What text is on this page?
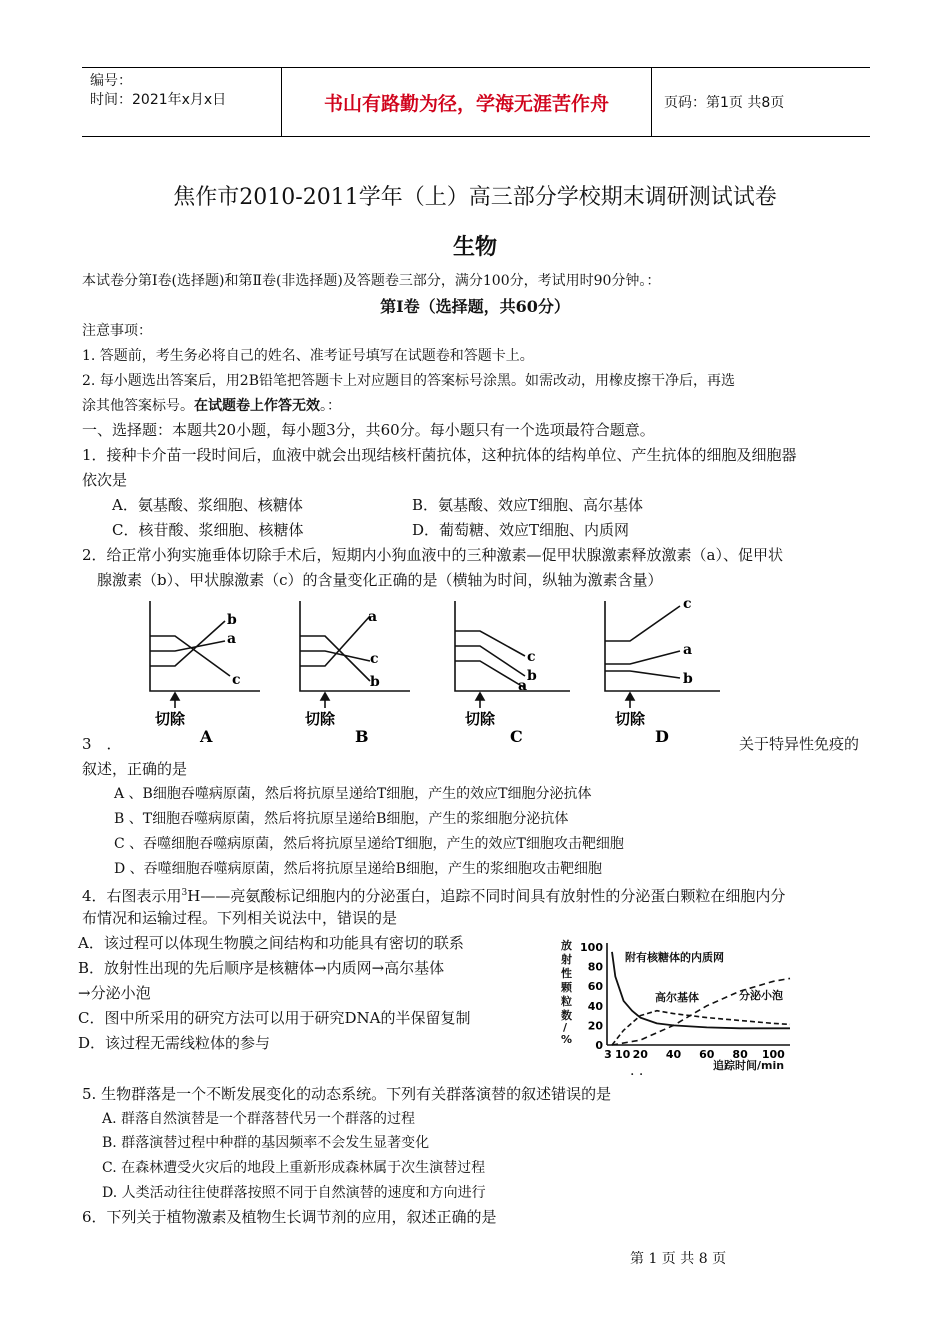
编号：
时间：2021年x月x日	书山有路勤为径，学海无涯苦作舟	页码：第1页 共8页
焦作市2010-2011学年（上）高三部分学校期末调研测试试卷
生物
本试卷分第Ⅰ卷(选择题)和第Ⅱ卷(非选择题)及答题卷三部分，满分100分，考试用时90分钟。：
第Ⅰ卷（选择题，共60分）
注意事项：
1. 答题前，考生务必将自己的姓名、准考证号填写在试题卷和答题卡上。
2. 每小题选出答案后，用2B铅笔把答题卡上对应题目的答案标号涂黑。如需改动，用橡皮擦干净后，再选
涂其他答案标号。在试题卷上作答无效。：
一、选择题：本题共20小题，每小题3分，共60分。每小题只有一个选项最符合题意。
1．接种卡介苗一段时间后，血液中就会出现结核杆菌抗体，这种抗体的结构单位、产生抗体的细胞及细胞器
依次是
A．氨基酸、浆细胞、核糖体	B．氨基酸、效应T细胞、高尔基体
C．核苷酸、浆细胞、核糖体	D．葡萄糖、效应T细胞、内质网
2．给正常小狗实施垂体切除手术后，短期内小狗血液中的三种激素—促甲状腺激素释放激素（a）、促甲状
腺激素（b）、甲状腺激素（c）的含量变化正确的是（横轴为时间，纵轴为激素含量）
b
a
c
切除
A
a
c
b
切除
B
c
b
a
切除
C
c
a
b
切除
D
3　．	关于特异性免疫的
叙述，正确的是
A 、B细胞吞噬病原菌，然后将抗原呈递给T细胞，产生的效应T细胞分泌抗体
B 、T细胞吞噬病原菌，然后将抗原呈递给B细胞，产生的浆细胞分泌抗体
C 、吞噬细胞吞噬病原菌，然后将抗原呈递给T细胞，产生的效应T细胞攻击靶细胞
D 、吞噬细胞吞噬病原菌，然后将抗原呈递给B细胞，产生的浆细胞攻击靶细胞
4．右图表示用$^3$H——亮氨酸标记细胞内的分泌蛋白，追踪不同时间具有放射性的分泌蛋白颗粒在细胞内分
布情况和运输过程。下列相关说法中，错误的是
A．该过程可以体现生物膜之间结构和功能具有密切的联系
B．放射性出现的先后顺序是核糖体→内质网→高尔基体
→分泌小泡
C．图中所采用的研究方法可以用于研究DNA的半保留复制
D．该过程无需线粒体的参与	0
20
40
60
80
100
3 10 20 40 60 80 100
放
射
性
颗
粒
数
/
%
附有核糖体的内质网
高尔基体	分泌小泡
追踪时间/min
. .
5. 生物群落是一个不断发展变化的动态系统。下列有关群落演替的叙述错误的是
A. 群落自然演替是一个群落替代另一个群落的过程
B. 群落演替过程中种群的基因频率不会发生显著变化
C. 在森林遭受火灾后的地段上重新形成森林属于次生演替过程
D. 人类活动往往使群落按照不同于自然演替的速度和方向进行
6．下列关于植物激素及植物生长调节剂的应用，叙述正确的是
第 1 页 共 8 页
